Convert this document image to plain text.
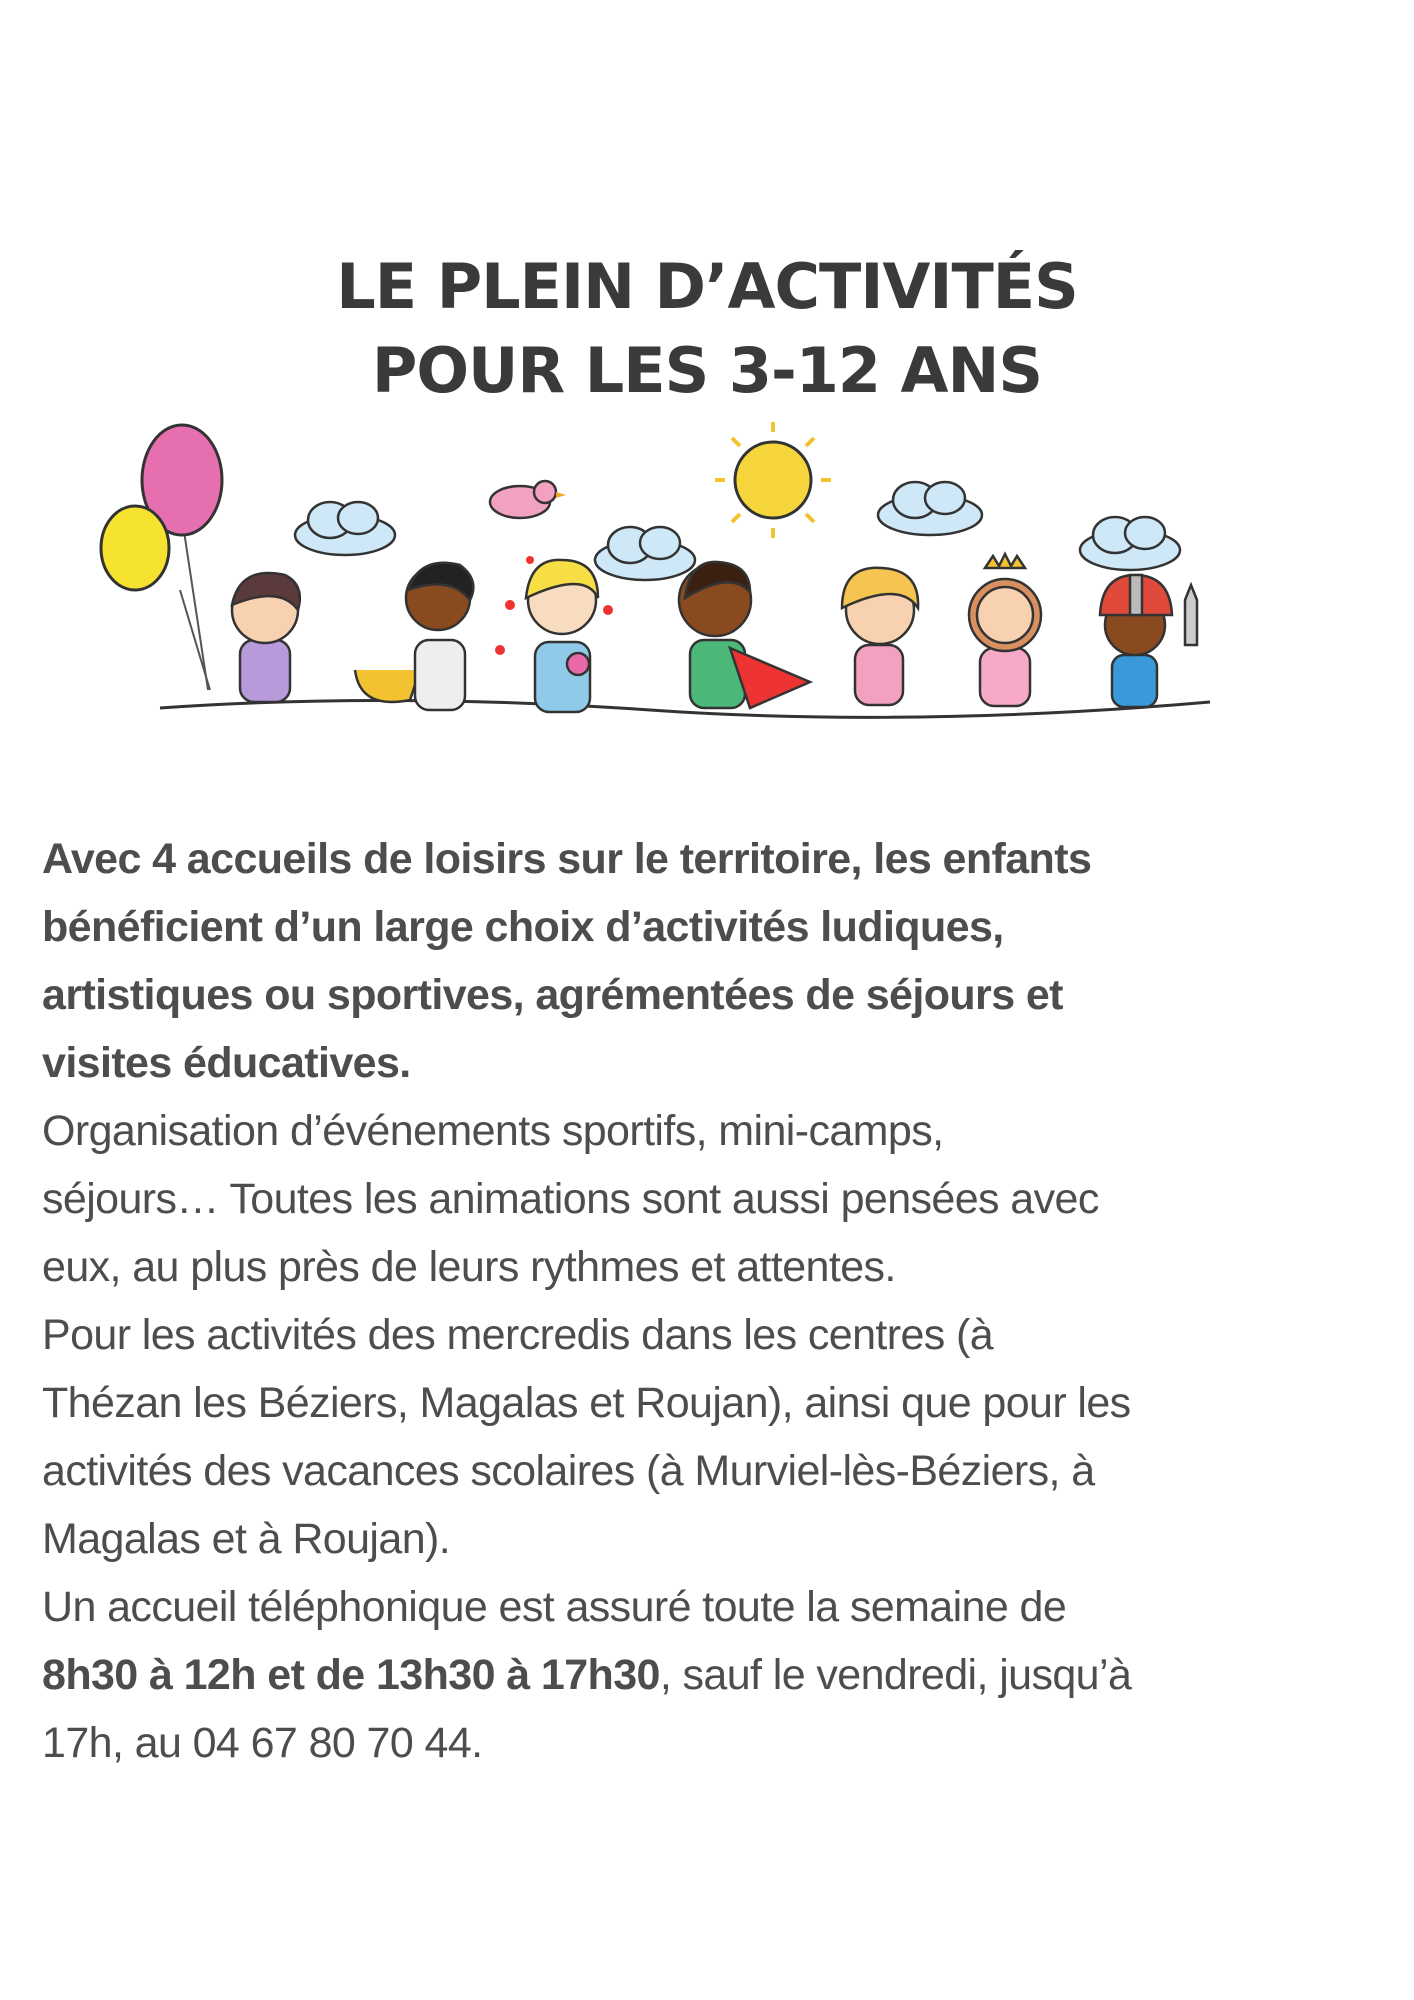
LE PLEIN D’ACTIVITÉS
POUR LES 3-12 ANS
Avec 4 accueils de loisirs sur le territoire, les enfants
bénéficient d’un large choix d’activités ludiques,
artistiques ou sportives, agrémentées de séjours et
visites éducatives.
Organisation d’événements sportifs, mini-camps,
séjours… Toutes les animations sont aussi pensées avec
eux, au plus près de leurs rythmes et attentes.
Pour les activités des mercredis dans les centres (à
Thézan les Béziers, Magalas et Roujan), ainsi que pour les
activités des vacances scolaires (à Murviel-lès-Béziers, à
Magalas et à Roujan).
Un accueil téléphonique est assuré toute la semaine de
8h30 à 12h et de 13h30 à 17h30, sauf le vendredi, jusqu’à
17h, au 04 67 80 70 44.
